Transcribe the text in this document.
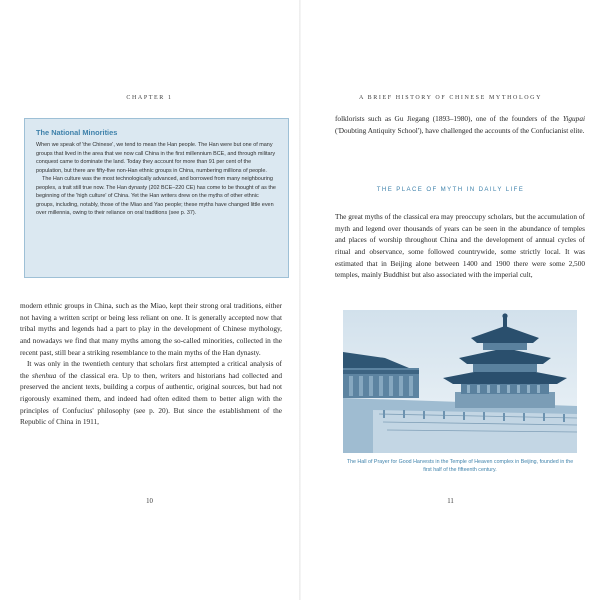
CHAPTER 1
The National Minorities

When we speak of 'the Chinese', we tend to mean the Han people. The Han were but one of many groups that lived in the area that we now call China in the first millennium BCE, and through military conquest came to dominate the land. Today they account for more than 91 per cent of the population, but there are fifty-five non-Han ethnic groups in China, numbering millions of people.

The Han culture was the most technologically advanced, and borrowed from many neighbouring peoples, a trait still true now. The Han dynasty (202 BCE–220 CE) has come to be thought of as the beginning of the 'high culture' of China. Yet the Han writers drew on the myths of other ethnic groups, including, notably, those of the Miao and Yao people; these myths have changed little even over millennia, owing to their reliance on oral traditions (see p. 37).

modern ethnic groups in China, such as the Miao, kept their strong oral traditions, either not having a written script or being less reliant on one. It is generally accepted now that tribal myths and legends had a part to play in the development of Chinese mythology, and nowadays we find that many myths among the so-called minorities, collected in the recent past, still bear a striking resemblance to the main myths of the Han dynasty.

It was only in the twentieth century that scholars first attempted a critical analysis of the shenhua of the classical era. Up to then, writers and historians had collected and preserved the ancient texts, building a corpus of authentic, original sources, but had not rigorously examined them, and indeed had often edited them to better align with the principles of Confucius' philosophy (see p. 20). But since the establishment of the Republic of China in 1911,

10
A BRIEF HISTORY OF CHINESE MYTHOLOGY

folklorists such as Gu Jiegang (1893–1980), one of the founders of the Yigupai ('Doubting Antiquity School'), have challenged the accounts of the Confucianist elite.

THE PLACE OF MYTH IN DAILY LIFE

The great myths of the classical era may preoccupy scholars, but the accumulation of myth and legend over thousands of years can be seen in the abundance of temples and places of worship throughout China and the development of annual cycles of ritual and observance, some followed countrywide, some strictly local. It was estimated that in Beijing alone between 1400 and 1900 there were some 2,500 temples, mainly Buddhist but also associated with the imperial cult,

The Hall of Prayer for Good Harvests in the Temple of Heaven complex in Beijing, founded in the first half of the fifteenth century.
11
